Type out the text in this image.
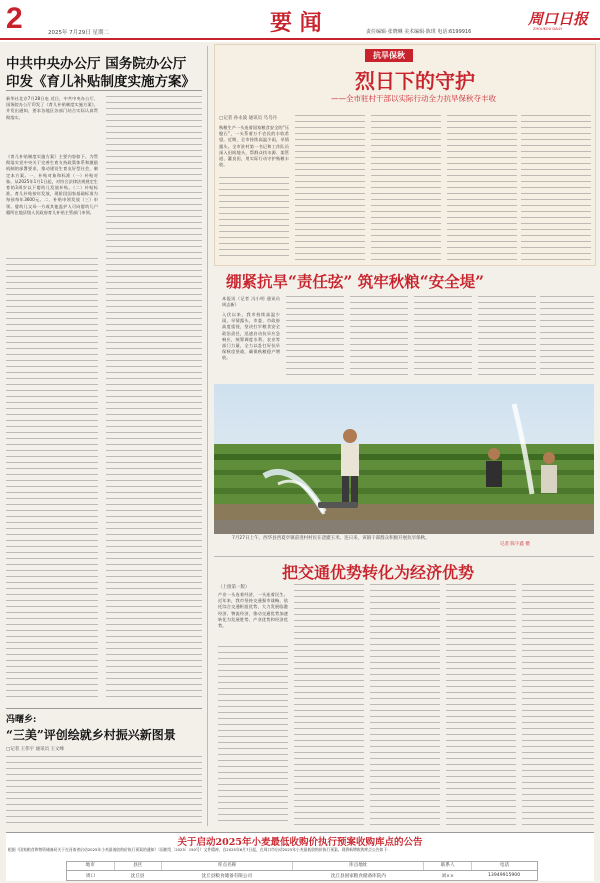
2	2025年 7月29日 星期二	要 闻	责任编辑·张晓琳 美术编辑·陈琪 电话:6199916
周口日报
ZHOUKOU DAILY
中共中央办公厅 国务院办公厅
印发《育儿补贴制度实施方案》
新华社北京7月28日电 近日，中共中央办公厅、国务院办公厅印发了《育儿补贴制度实施方案》，并发出通知，要求各地区各部门结合实际认真贯彻落实。
《育儿补贴制度实施方案》主要内容如下。为贯彻落实党中央关于完善生育支持政策体系和激励机制的部署要求，推动建设生育友好型社会，制定本方案。一、补贴对象和标准（一）补贴对象。从2025年1月1日起，对符合法律法规规定生育的3周岁以下婴幼儿发放补贴。（二）补贴标准。育儿补贴按年发放，现阶段国家基础标准为每孩每年3600元。二、补贴申领发放（三）申领。婴幼儿父母一方或其他监护人可向婴幼儿户籍所在地县级人民政府育儿补贴主管部门申领。
冯曙乡:
“三美”评创绘就乡村振兴新图景
□记者 王伟宇 通讯员 王文峰
抗旱保秋
烈日下的守护
——全市驻村干部以实际行动全力抗旱保秋夺丰收
□记者 孙永波 通讯员 乌乌丹
秋粮生产一头连着国家粮食安全的“压舱石”，一头系着万千农民的丰收希望。近期，全市持续高温少雨，旱情露头。全市驻村第一书记和工作队员深入田间地头，帮群众找水源、架管道、灌良田，用实际行动守护秋粮丰收。
绷紧抗旱“责任弦” 筑牢秋粮“安全堤”
本报讯（记者 冯小明 通讯员 周志新）
入伏以来，我市持续高温少雨，旱情露头，市委、市政府高度重视，坚决扛牢粮食安全政治责任，迅速启动抗旱应急响应，统筹调度水利、农业等部门力量，全力以赴打好抗旱保秋攻坚战，确保秋粮稳产增收。
7月27日上午，西华县西夏亭镇前进村村民在浇灌玉米。连日来，该镇干部群众积极开展抗旱保秋。
记者 陈宇鑫 摄
把交通优势转化为经济优势
（上接第一版）
产业一头连着经济，一头连着民生。近年来，我市坚持交通强市战略，依托综合交通枢纽优势，大力发展临港经济、物流经济，推动交通优势加速转化为发展胜势、产业优势和经济优势。
关于启动2025年小麦最低收购价执行预案收购库点的公告
根据《国家粮食和物资储备局关于在河南省启动2025年小麦最低收购价执行预案的通知》（国粮发〔2025〕150号）文件精神，自2025年6月7日起，在周口市启动2025年小麦最低收购价执行预案。现将新增收购库点公告如下：
地市	县区	库点名称	库点地址	联系人	电话
周口	沈丘县	沈丘县粮食储备有限公司	沈丘县国家粮食储备库院内	刘××	13949915900
